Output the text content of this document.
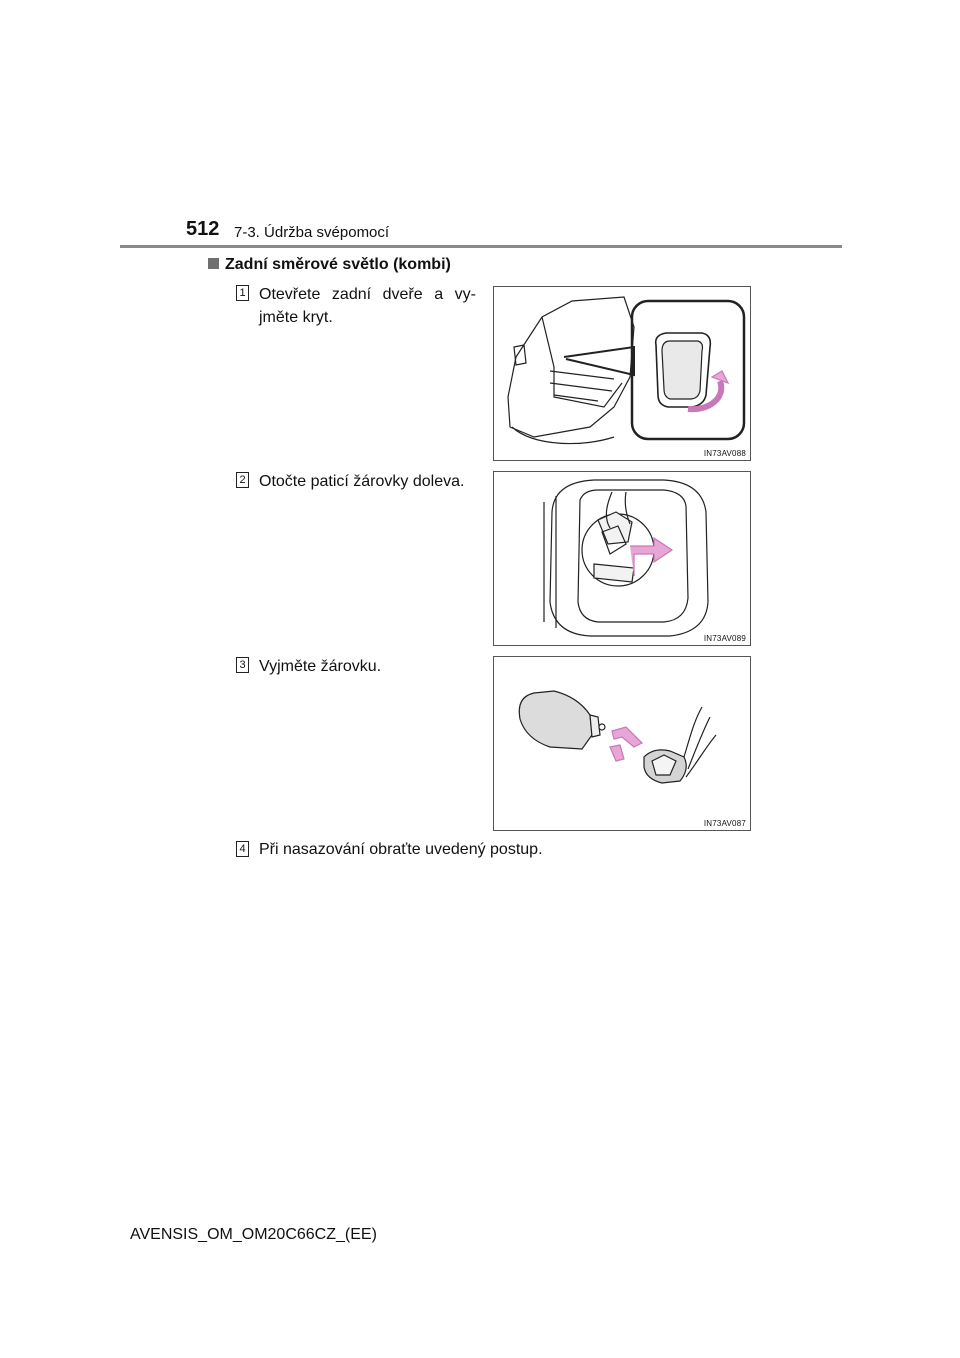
512 7-3. Údržba svépomocí
Zadní směrové světlo (kombi)
1 Otevřete zadní dveře a vy-
jměte kryt.
IN73AV088
2 Otočte paticí žárovky doleva.
IN73AV089
3 Vyjměte žárovku.
IN73AV087
4 Při nasazování obraťte uvedený postup.
AVENSIS_OM_OM20C66CZ_(EE)
